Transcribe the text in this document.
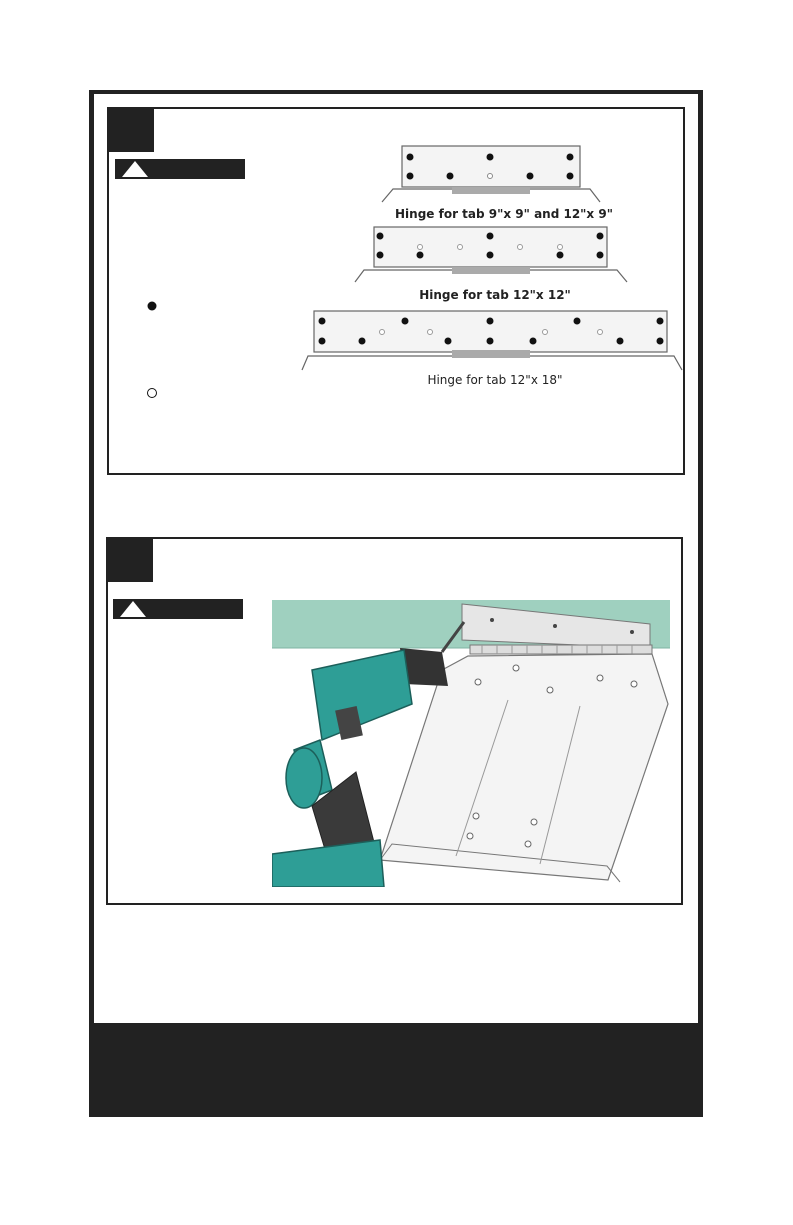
Hinge for tab 9"x 9" and 12"x 9"
Hinge for tab 12"x 12"
Hinge for tab 12"x 18"
